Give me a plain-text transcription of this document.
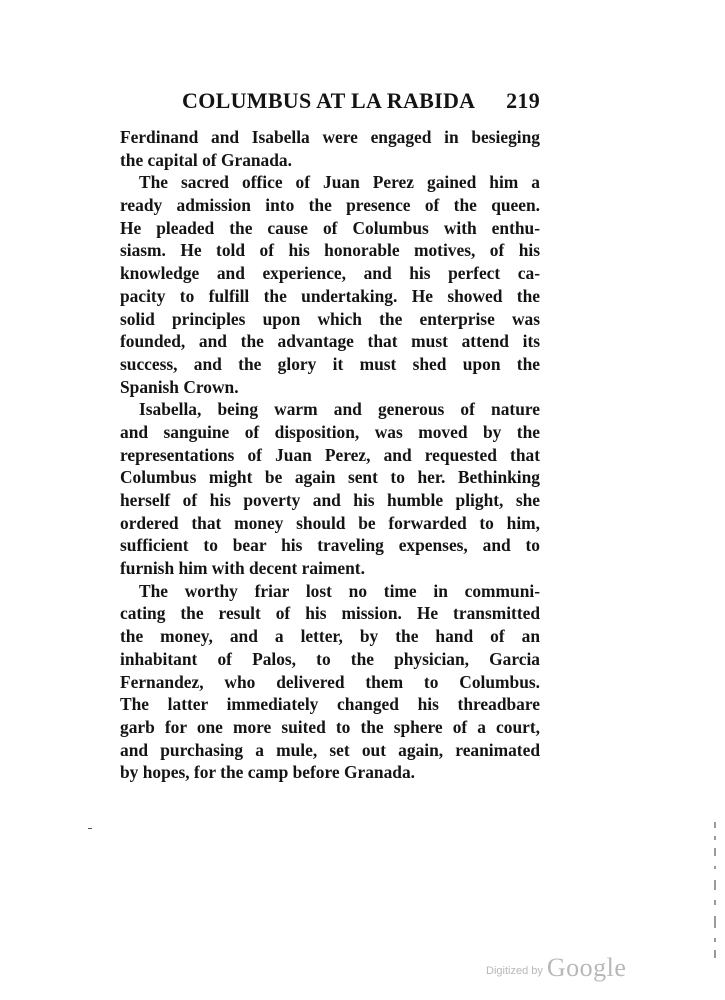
COLUMBUS AT LA RABIDA 219
Ferdinand and Isabella were engaged in besieging
the capital of Granada.
The sacred office of Juan Perez gained him a
ready admission into the presence of the queen.
He pleaded the cause of Columbus with enthu-
siasm. He told of his honorable motives, of his
knowledge and experience, and his perfect ca-
pacity to fulfill the undertaking. He showed the
solid principles upon which the enterprise was
founded, and the advantage that must attend its
success, and the glory it must shed upon the
Spanish Crown.
Isabella, being warm and generous of nature
and sanguine of disposition, was moved by the
representations of Juan Perez, and requested that
Columbus might be again sent to her. Bethinking
herself of his poverty and his humble plight, she
ordered that money should be forwarded to him,
sufficient to bear his traveling expenses, and to
furnish him with decent raiment.
The worthy friar lost no time in communi-
cating the result of his mission. He transmitted
the money, and a letter, by the hand of an
inhabitant of Palos, to the physician, Garcia
Fernandez, who delivered them to Columbus.
The latter immediately changed his threadbare
garb for one more suited to the sphere of a court,
and purchasing a mule, set out again, reanimated
by hopes, for the camp before Granada.
Digitized by Google
